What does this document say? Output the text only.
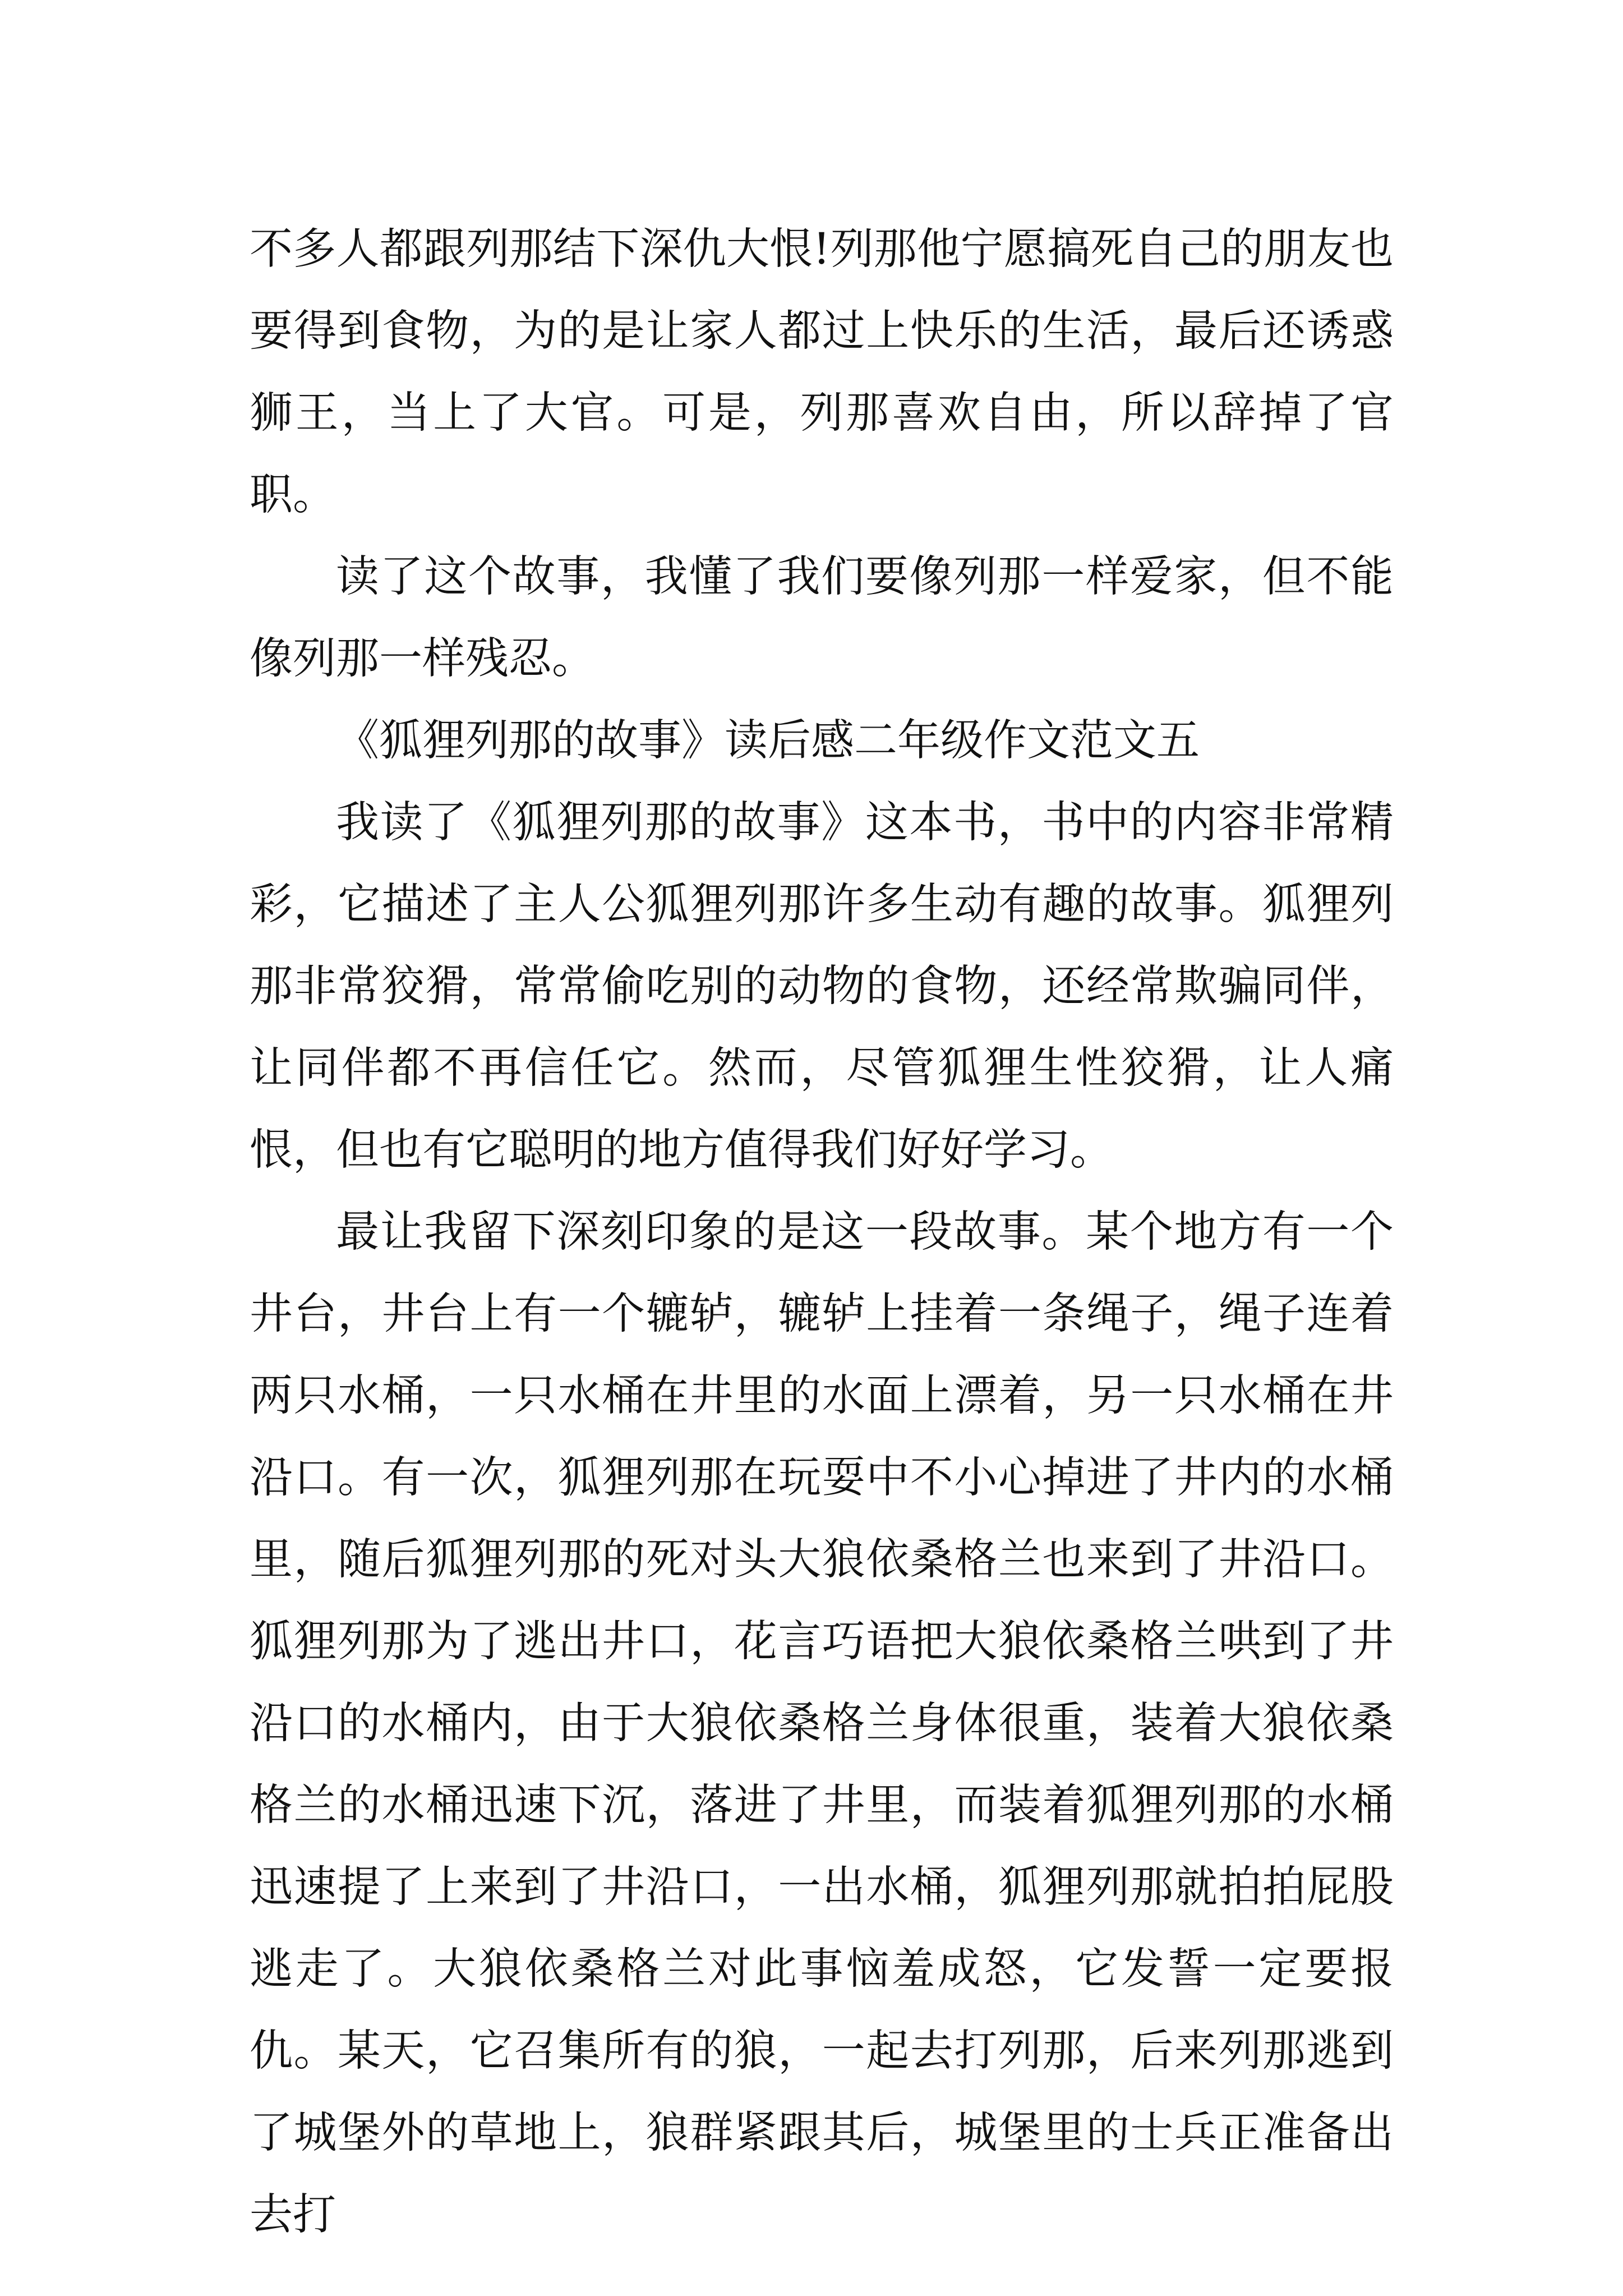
不多人都跟列那结下深仇大恨!列那他宁愿搞死自己的朋友也要得到食物，为的是让家人都过上快乐的生活，最后还诱惑狮王，当上了大官。可是，列那喜欢自由，所以辞掉了官职。

读了这个故事，我懂了我们要像列那一样爱家，但不能像列那一样残忍。

《狐狸列那的故事》读后感二年级作文范文五

我读了《狐狸列那的故事》这本书，书中的内容非常精彩，它描述了主人公狐狸列那许多生动有趣的故事。狐狸列那非常狡猾，常常偷吃别的动物的食物，还经常欺骗同伴，让同伴都不再信任它。然而，尽管狐狸生性狡猾，让人痛恨，但也有它聪明的地方值得我们好好学习。

最让我留下深刻印象的是这一段故事。某个地方有一个井台，井台上有一个辘轳，辘轳上挂着一条绳子，绳子连着两只水桶，一只水桶在井里的水面上漂着，另一只水桶在井沿口。有一次，狐狸列那在玩耍中不小心掉进了井内的水桶里，随后狐狸列那的死对头大狼依桑格兰也来到了井沿口。狐狸列那为了逃出井口，花言巧语把大狼依桑格兰哄到了井沿口的水桶内，由于大狼依桑格兰身体很重，装着大狼依桑格兰的水桶迅速下沉，落进了井里，而装着狐狸列那的水桶迅速提了上来到了井沿口，一出水桶，狐狸列那就拍拍屁股逃走了。大狼依桑格兰对此事恼羞成怒，它发誓一定要报仇。某天，它召集所有的狼，一起去打列那，后来列那逃到了城堡外的草地上，狼群紧跟其后，城堡里的士兵正准备出去打
